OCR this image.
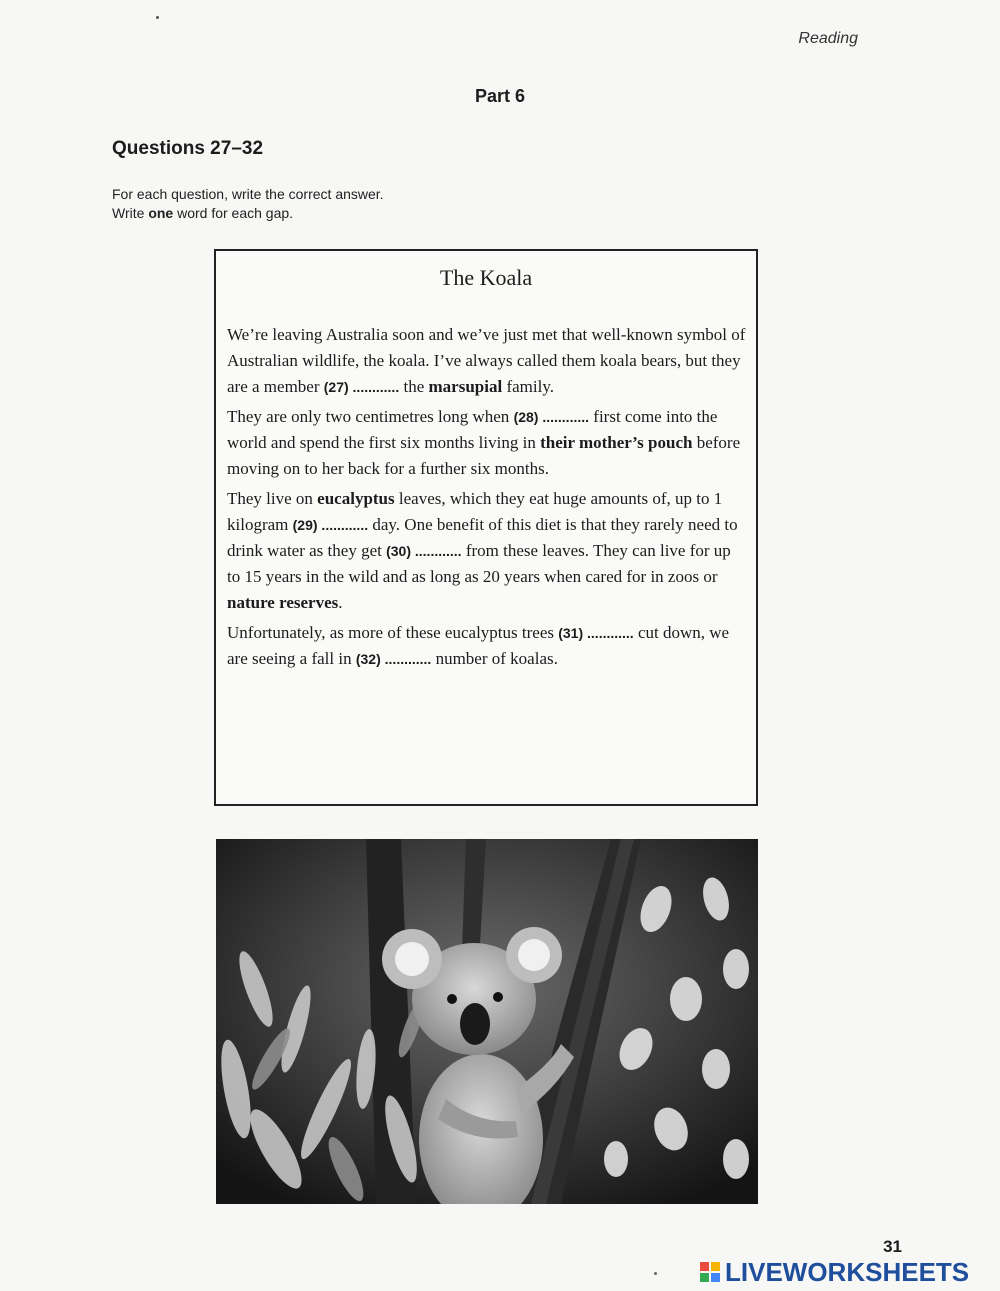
Reading
Part 6
Questions 27–32
For each question, write the correct answer.
Write one word for each gap.
The Koala

We’re leaving Australia soon and we’ve just met that well-known symbol of Australian wildlife, the koala. I’ve always called them koala bears, but they are a member (27) ............ the marsupial family.

They are only two centimetres long when (28) ............ first come into the world and spend the first six months living in their mother’s pouch before moving on to her back for a further six months.

They live on eucalyptus leaves, which they eat huge amounts of, up to 1 kilogram (29) ............ day. One benefit of this diet is that they rarely need to drink water as they get (30) ............ from these leaves. They can live for up to 15 years in the wild and as long as 20 years when cared for in zoos or nature reserves.

Unfortunately, as more of these eucalyptus trees (31) ............ cut down, we are seeing a fall in (32) ............ number of koalas.

31
LIVEWORKSHEETS
